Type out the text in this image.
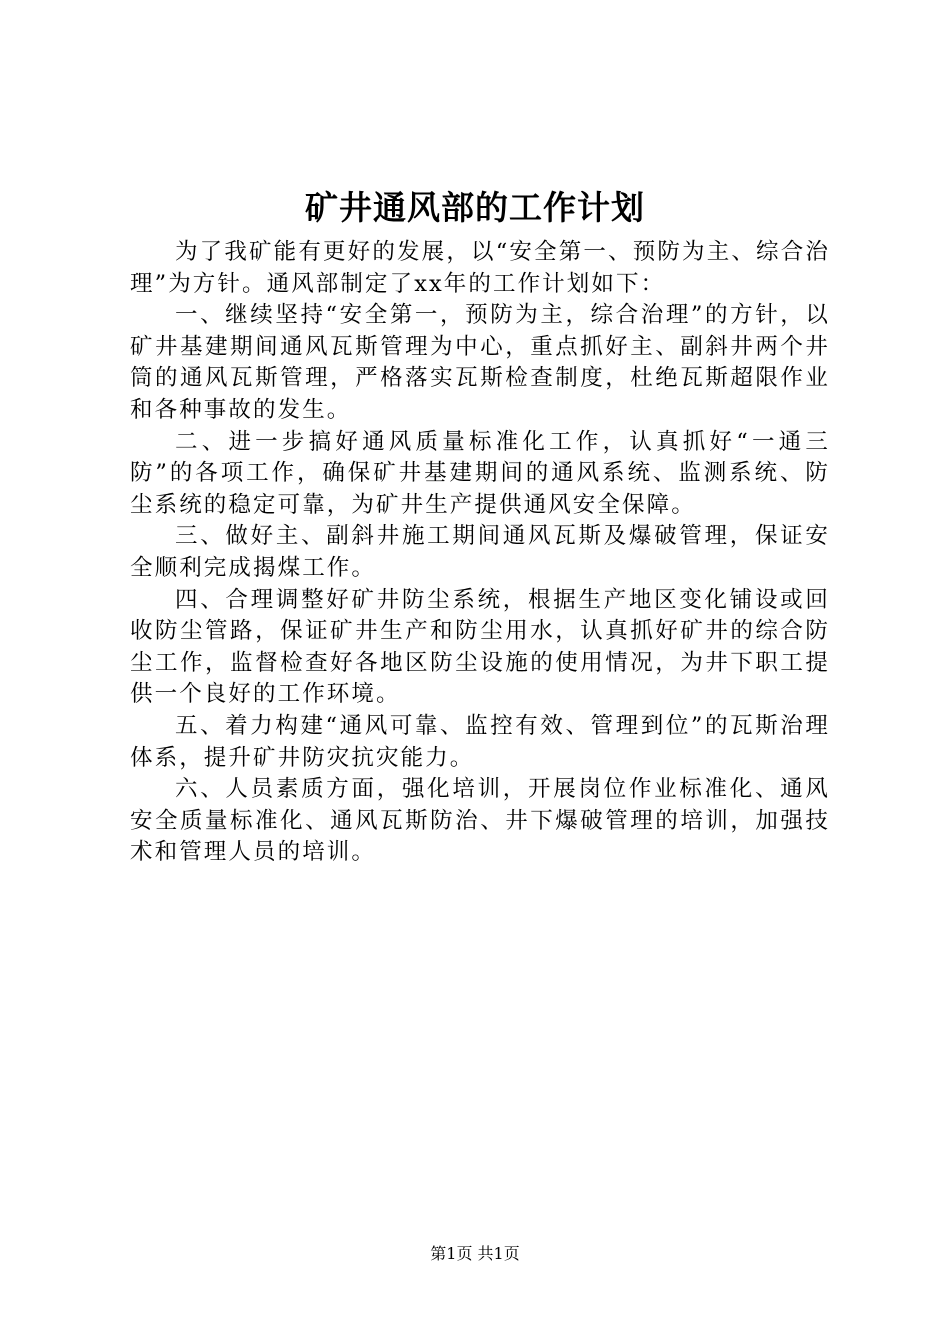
矿井通风部的工作计划

为了我矿能有更好的发展，以“安全第一、预防为主、综合治理”为方针。通风部制定了xx年的工作计划如下：

一、继续坚持“安全第一，预防为主，综合治理”的方针，以矿井基建期间通风瓦斯管理为中心，重点抓好主、副斜井两个井筒的通风瓦斯管理，严格落实瓦斯检查制度，杜绝瓦斯超限作业和各种事故的发生。

二、进一步搞好通风质量标准化工作，认真抓好“一通三防”的各项工作，确保矿井基建期间的通风系统、监测系统、防尘系统的稳定可靠，为矿井生产提供通风安全保障。

三、做好主、副斜井施工期间通风瓦斯及爆破管理，保证安全顺利完成揭煤工作。

四、合理调整好矿井防尘系统，根据生产地区变化铺设或回收防尘管路，保证矿井生产和防尘用水，认真抓好矿井的综合防尘工作，监督检查好各地区防尘设施的使用情况，为井下职工提供一个良好的工作环境。

五、着力构建“通风可靠、监控有效、管理到位”的瓦斯治理体系，提升矿井防灾抗灾能力。

六、人员素质方面，强化培训，开展岗位作业标准化、通风安全质量标准化、通风瓦斯防治、井下爆破管理的培训，加强技术和管理人员的培训。

第1页 共1页
